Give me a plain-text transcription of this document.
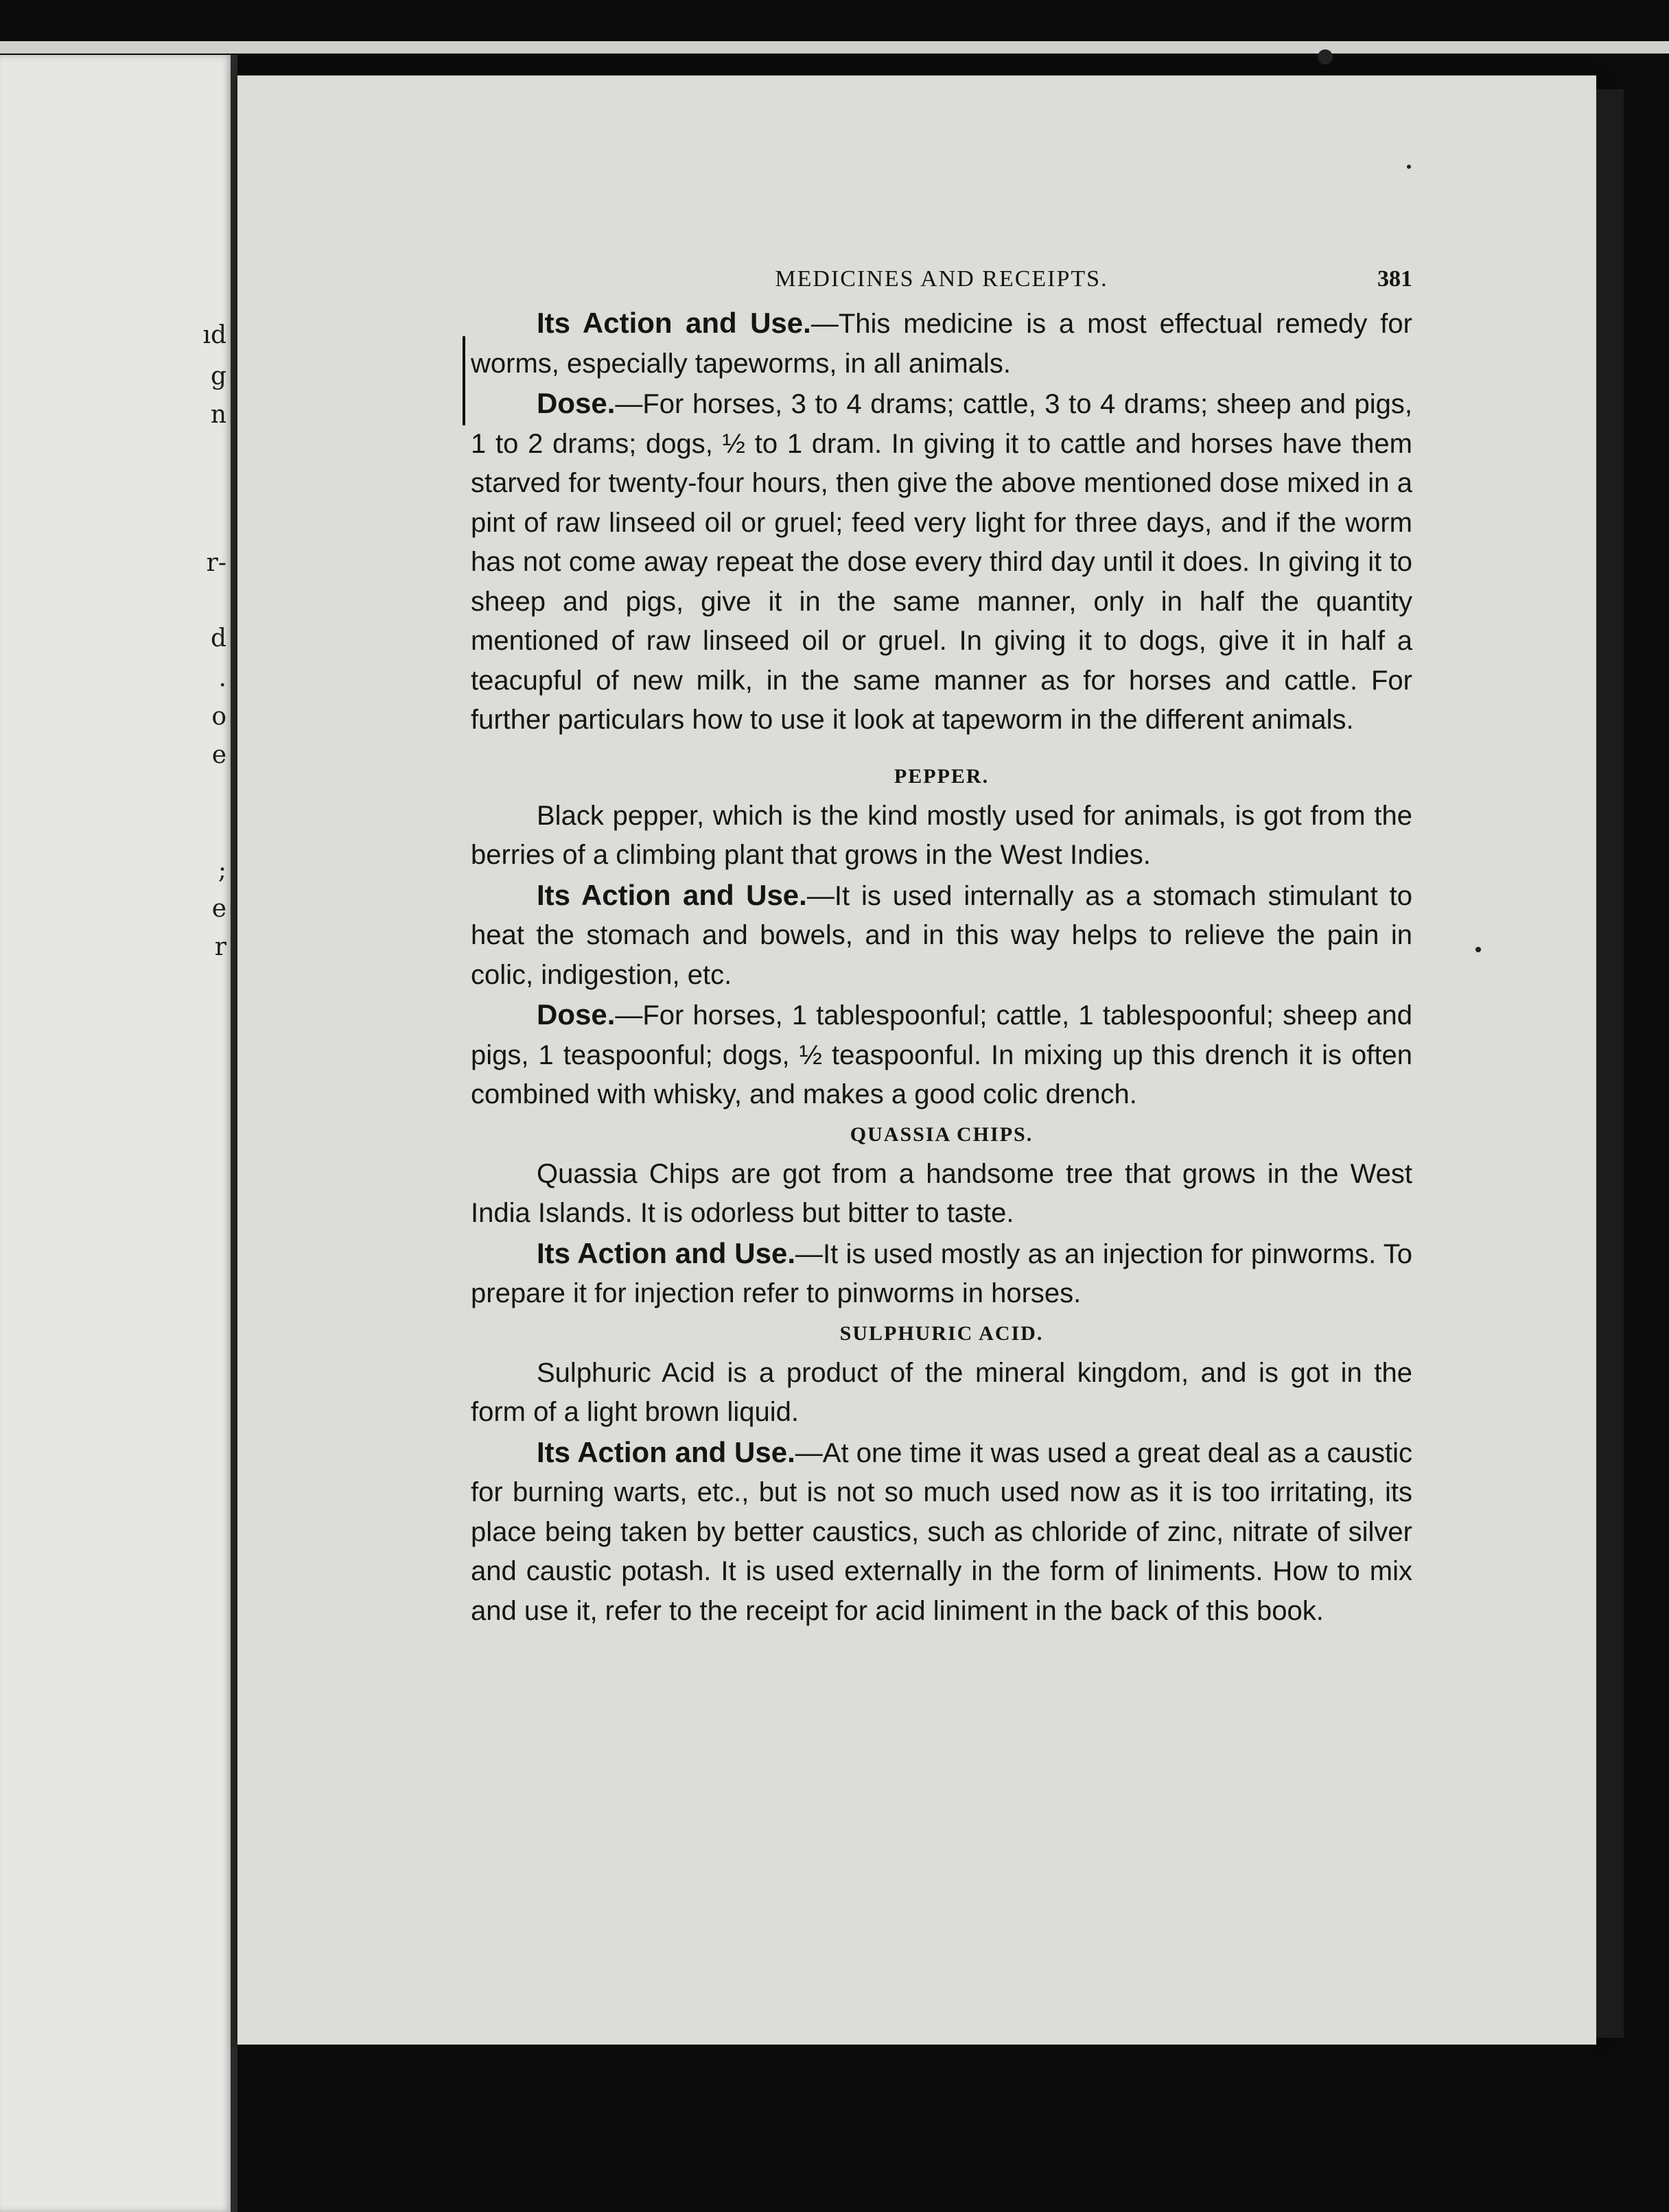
ıd
g
n
r-
d
.
o
e
;
e
r
MEDICINES AND RECEIPTS.	381

Its Action and Use.—This medicine is a most effectual remedy for worms, especially tapeworms, in all animals.

Dose.—For horses, 3 to 4 drams; cattle, 3 to 4 drams; sheep and pigs, 1 to 2 drams; dogs, ½ to 1 dram. In giving it to cattle and horses have them starved for twenty-four hours, then give the above mentioned dose mixed in a pint of raw linseed oil or gruel; feed very light for three days, and if the worm has not come away repeat the dose every third day until it does. In giving it to sheep and pigs, give it in the same manner, only in half the quantity mentioned of raw linseed oil or gruel. In giving it to dogs, give it in half a teacupful of new milk, in the same manner as for horses and cattle. For further particulars how to use it look at tapeworm in the different animals.

PEPPER.

Black pepper, which is the kind mostly used for animals, is got from the berries of a climbing plant that grows in the West Indies.

Its Action and Use.—It is used internally as a stomach stimulant to heat the stomach and bowels, and in this way helps to relieve the pain in colic, indigestion, etc.

Dose.—For horses, 1 tablespoonful; cattle, 1 tablespoonful; sheep and pigs, 1 teaspoonful; dogs, ½ teaspoonful. In mixing up this drench it is often combined with whisky, and makes a good colic drench.

QUASSIA CHIPS.

Quassia Chips are got from a handsome tree that grows in the West India Islands. It is odorless but bitter to taste.

Its Action and Use.—It is used mostly as an injection for pinworms. To prepare it for injection refer to pinworms in horses.

SULPHURIC ACID.

Sulphuric Acid is a product of the mineral kingdom, and is got in the form of a light brown liquid.

Its Action and Use.—At one time it was used a great deal as a caustic for burning warts, etc., but is not so much used now as it is too irritating, its place being taken by better caustics, such as chloride of zinc, nitrate of silver and caustic potash. It is used externally in the form of liniments. How to mix and use it, refer to the receipt for acid liniment in the back of this book.
